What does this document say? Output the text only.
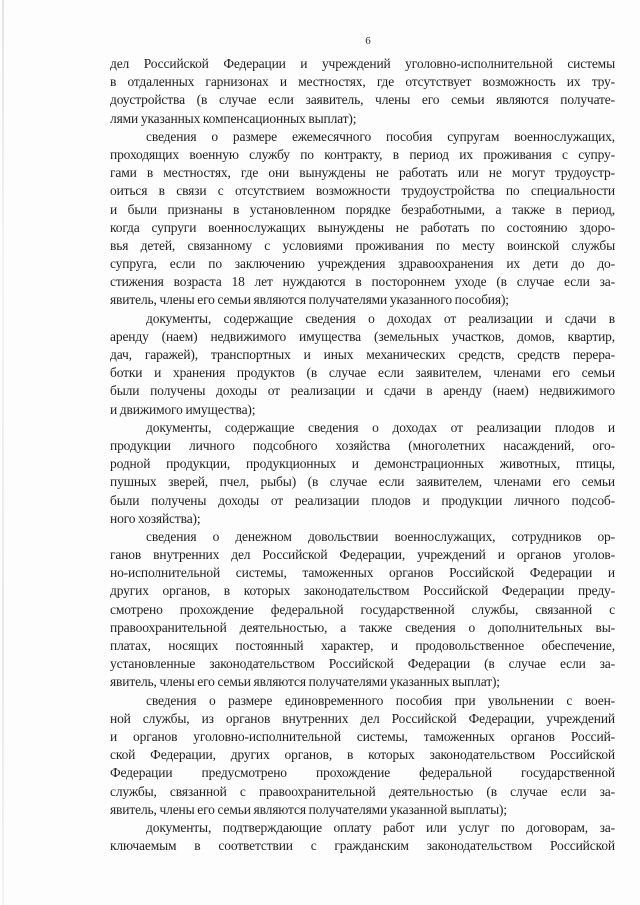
6
дел Российской Федерации и учреждений уголовно-исполнительной системы
в отдаленных гарнизонах и местностях, где отсутствует возможность их тру-
доустройства (в случае если заявитель, члены его семьи являются получате-
лями указанных компенсационных выплат);
сведения о размере ежемесячного пособия супругам военнослужащих,
проходящих военную службу по контракту, в период их проживания с супру-
гами в местностях, где они вынуждены не работать или не могут трудоустр-
оиться в связи с отсутствием возможности трудоустройства по специальности
и были признаны в установленном порядке безработными, а также в период,
когда супруги военнослужащих вынуждены не работать по состоянию здоро-
вья детей, связанному с условиями проживания по месту воинской службы
супруга, если по заключению учреждения здравоохранения их дети до до-
стижения возраста 18 лет нуждаются в постороннем уходе (в случае если за-
явитель, члены его семьи являются получателями указанного пособия);
документы, содержащие сведения о доходах от реализации и сдачи в
аренду (наем) недвижимого имущества (земельных участков, домов, квартир,
дач, гаражей), транспортных и иных механических средств, средств перера-
ботки и хранения продуктов (в случае если заявителем, членами его семьи
были получены доходы от реализации и сдачи в аренду (наем) недвижимого
и движимого имущества);
документы, содержащие сведения о доходах от реализации плодов и
продукции личного подсобного хозяйства (многолетних насаждений, ого-
родной продукции, продукционных и демонстрационных животных, птицы,
пушных зверей, пчел, рыбы) (в случае если заявителем, членами его семьи
были получены доходы от реализации плодов и продукции личного подсоб-
ного хозяйства);
сведения о денежном довольствии военнослужащих, сотрудников ор-
ганов внутренних дел Российской Федерации, учреждений и органов уголов-
но-исполнительной системы, таможенных органов Российской Федерации и
других органов, в которых законодательством Российской Федерации преду-
смотрено прохождение федеральной государственной службы, связанной с
правоохранительной деятельностью, а также сведения о дополнительных вы-
платах, носящих постоянный характер, и продовольственное обеспечение,
установленные законодательством Российской Федерации (в случае если за-
явитель, члены его семьи являются получателями указанных выплат);
сведения о размере единовременного пособия при увольнении с воен-
ной службы, из органов внутренних дел Российской Федерации, учреждений
и органов уголовно-исполнительной системы, таможенных органов Россий-
ской Федерации, других органов, в которых законодательством Российской
Федерации предусмотрено прохождение федеральной государственной
службы, связанной с правоохранительной деятельностью (в случае если за-
явитель, члены его семьи являются получателями указанной выплаты);
документы, подтверждающие оплату работ или услуг по договорам, за-
ключаемым в соответствии с гражданским законодательством Российской
